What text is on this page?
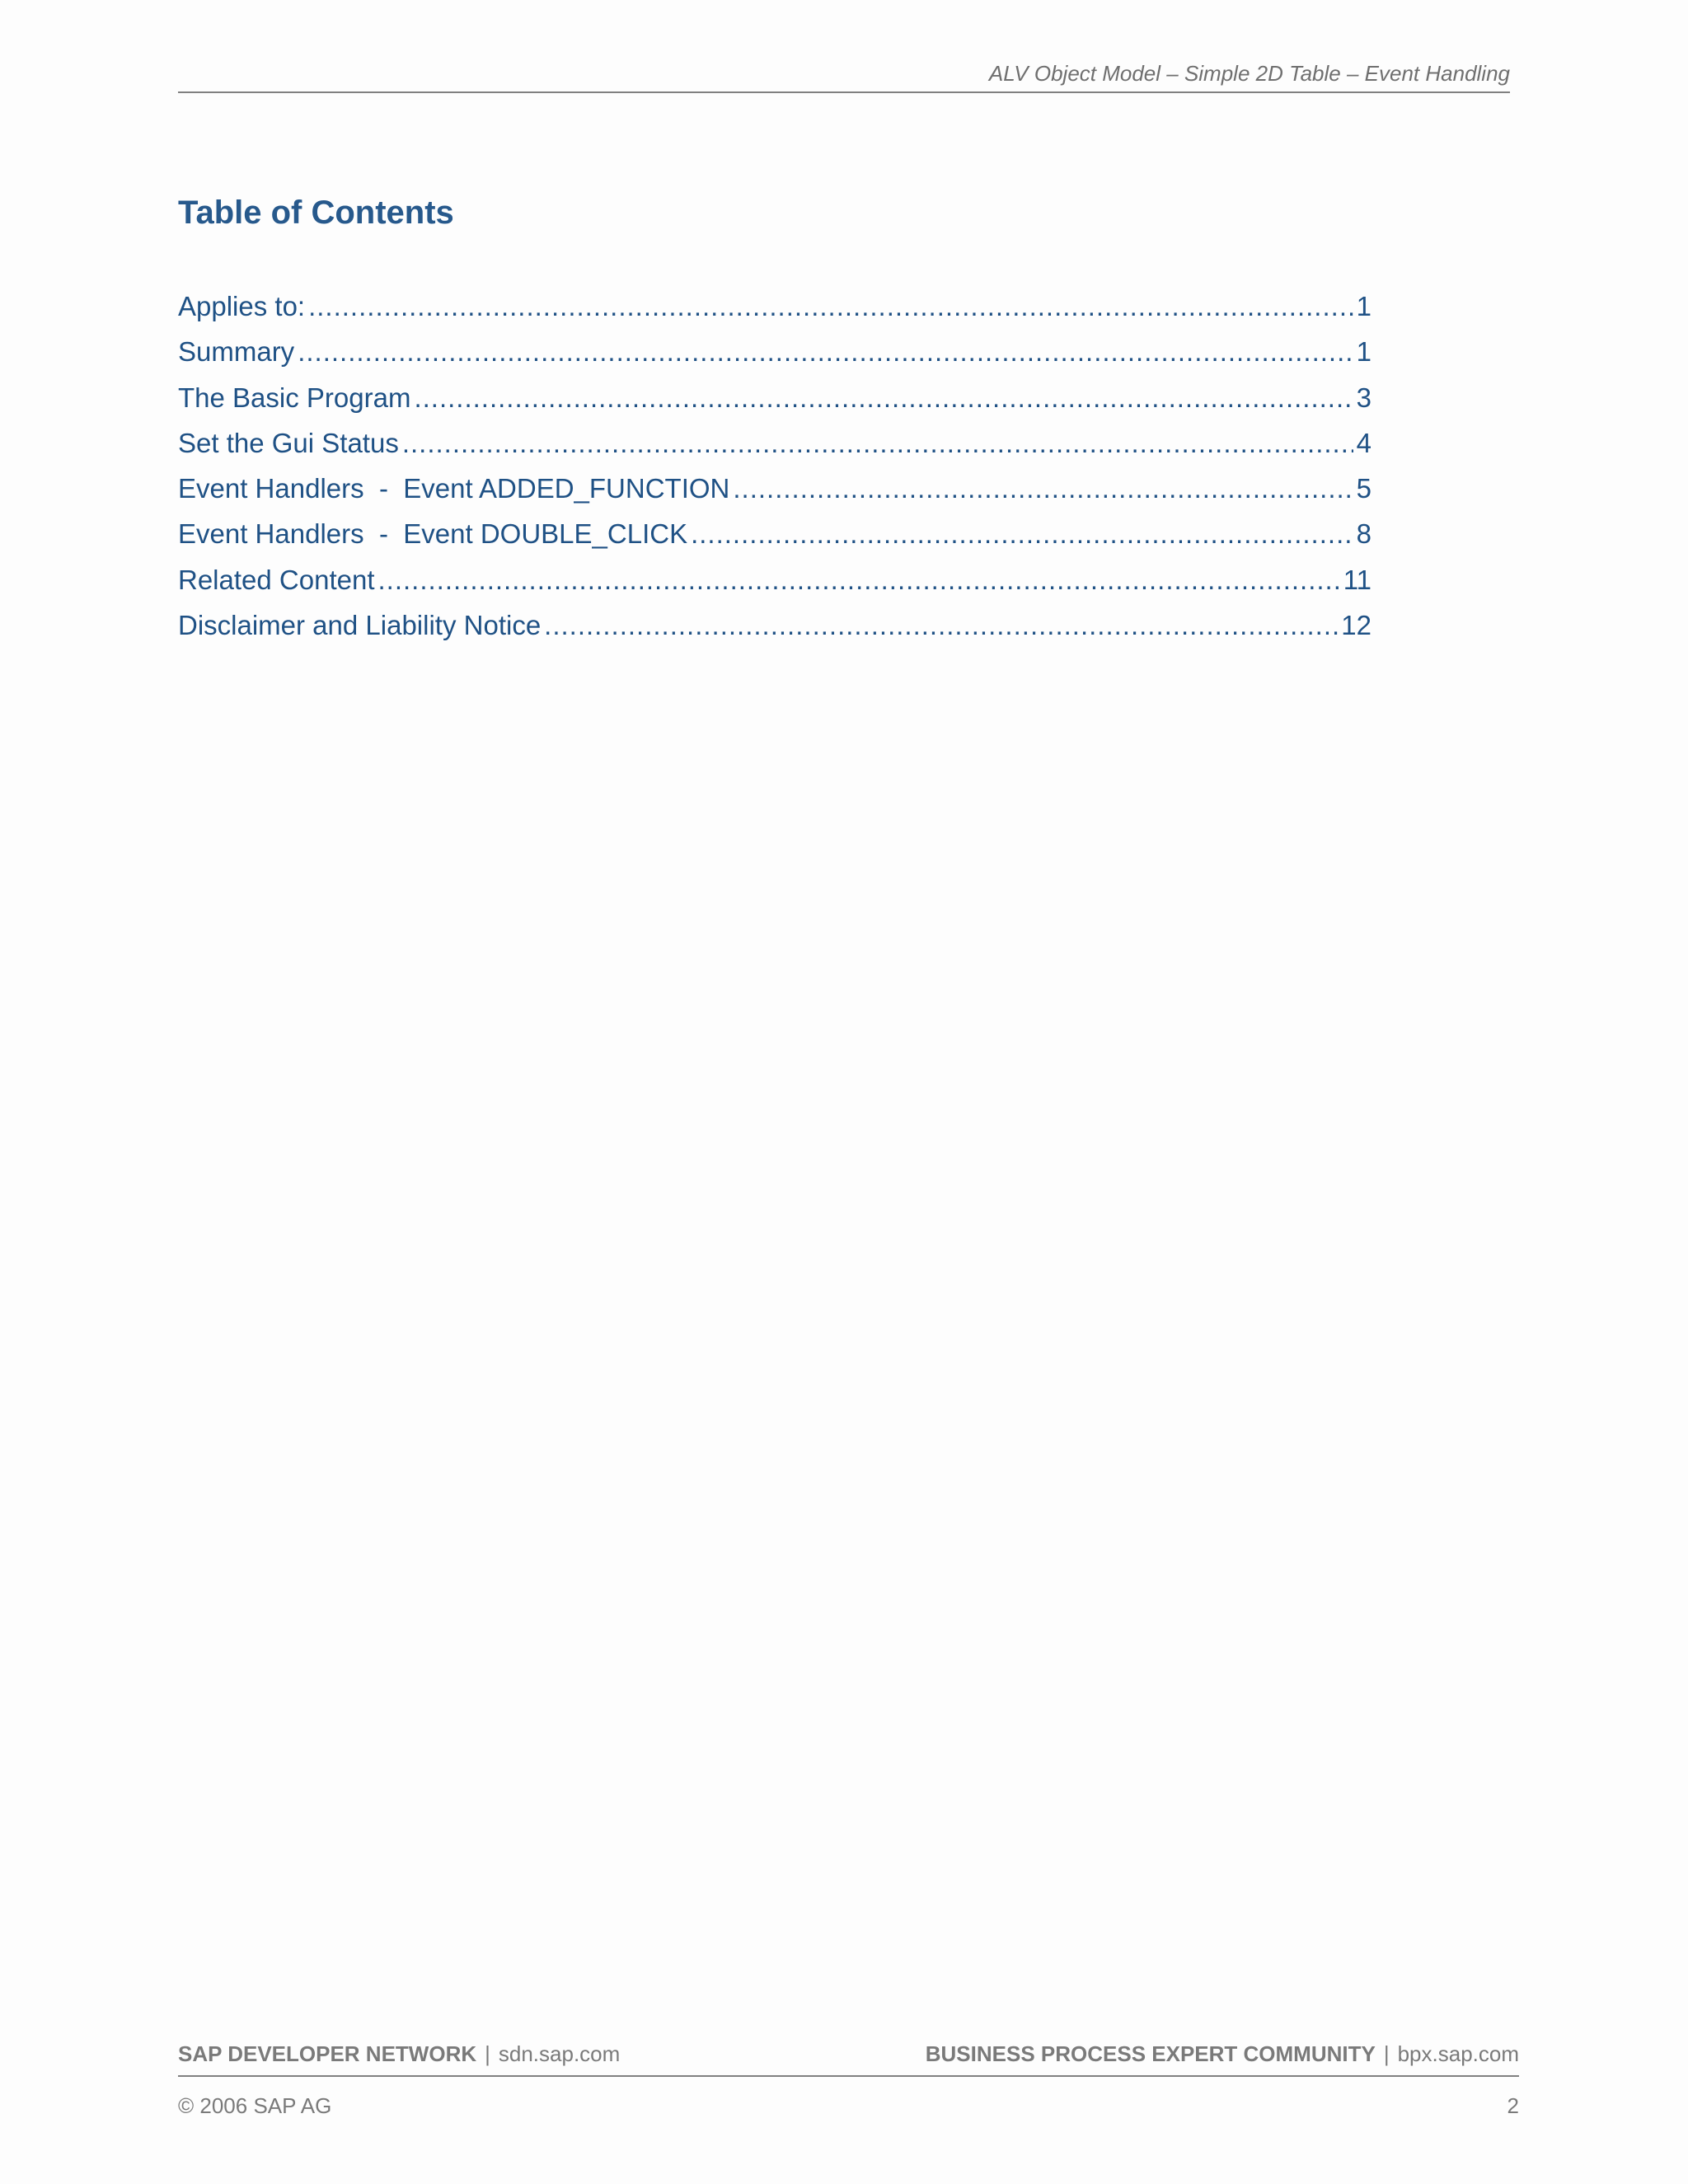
ALV Object Model – Simple 2D Table – Event Handling
Table of Contents
Applies to: .....	1
Summary .....	1
The Basic Program .....	3
Set the Gui Status .....	4
Event Handlers  -  Event ADDED_FUNCTION .....	5
Event Handlers  -  Event DOUBLE_CLICK .....	8
Related Content .....	11
Disclaimer and Liability Notice .....	12
SAP DEVELOPER NETWORK | sdn.sap.com	BUSINESS PROCESS EXPERT COMMUNITY | bpx.sap.com
© 2006 SAP AG	2
